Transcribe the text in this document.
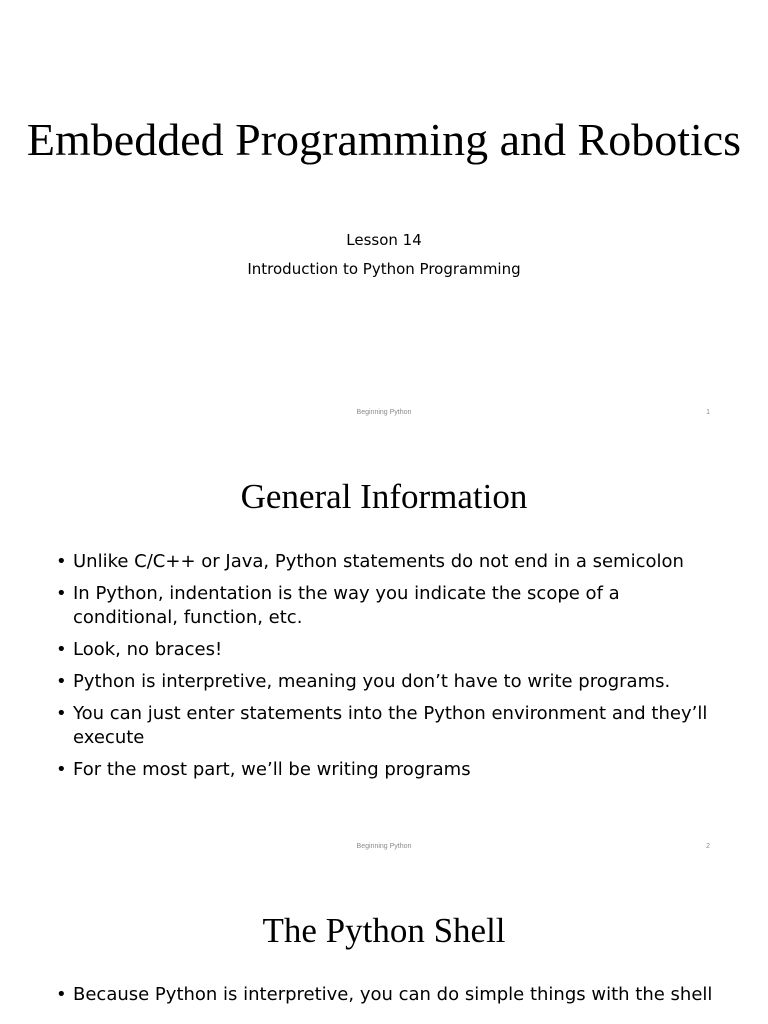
Embedded Programming and Robotics
Lesson 14
Introduction to Python Programming
Beginning Python	1
General Information
• Unlike C/C++ or Java, Python statements do not end in a semicolon
• In Python, indentation is the way you indicate the scope of a conditional, function, etc.
• Look, no braces!
• Python is interpretive, meaning you don’t have to write programs.
• You can just enter statements into the Python environment and they’ll execute
• For the most part, we’ll be writing programs
Beginning Python	2
The Python Shell
• Because Python is interpretive, you can do simple things with the shell
